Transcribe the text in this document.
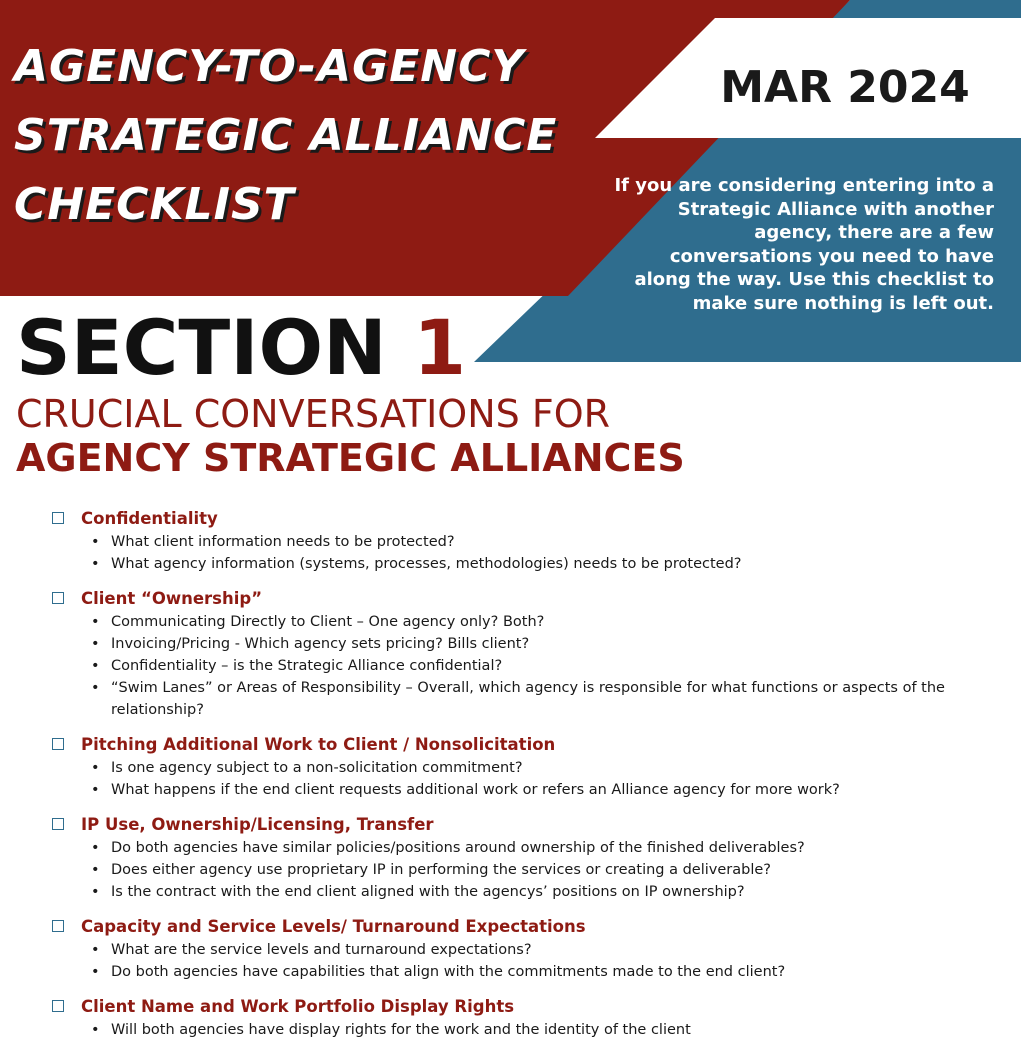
AGENCY-TO-AGENCY
STRATEGIC ALLIANCE
CHECKLIST
MAR 2024
If you are considering entering into a Strategic Alliance with another agency, there are a few conversations you need to have along the way. Use this checklist to make sure nothing is left out.
SECTION 1
CRUCIAL CONVERSATIONS FOR
AGENCY STRATEGIC ALLIANCES
Confidentiality
• What client information needs to be protected?
• What agency information (systems, processes, methodologies) needs to be protected?
Client “Ownership”
• Communicating Directly to Client – One agency only? Both?
• Invoicing/Pricing - Which agency sets pricing? Bills client?
• Confidentiality – is the Strategic Alliance confidential?
• “Swim Lanes” or Areas of Responsibility – Overall, which agency is responsible for what functions or aspects of the relationship?
Pitching Additional Work to Client / Nonsolicitation
• Is one agency subject to a non-solicitation commitment?
• What happens if the end client requests additional work or refers an Alliance agency for more work?
IP Use, Ownership/Licensing, Transfer
• Do both agencies have similar policies/positions around ownership of the finished deliverables?
• Does either agency use proprietary IP in performing the services or creating a deliverable?
• Is the contract with the end client aligned with the agencys’ positions on IP ownership?
Capacity and Service Levels/ Turnaround Expectations
• What are the service levels and turnaround expectations?
• Do both agencies have capabilities that align with the commitments made to the end client?
Client Name and Work Portfolio Display Rights
• Will both agencies have display rights for the work and the identity of the client
